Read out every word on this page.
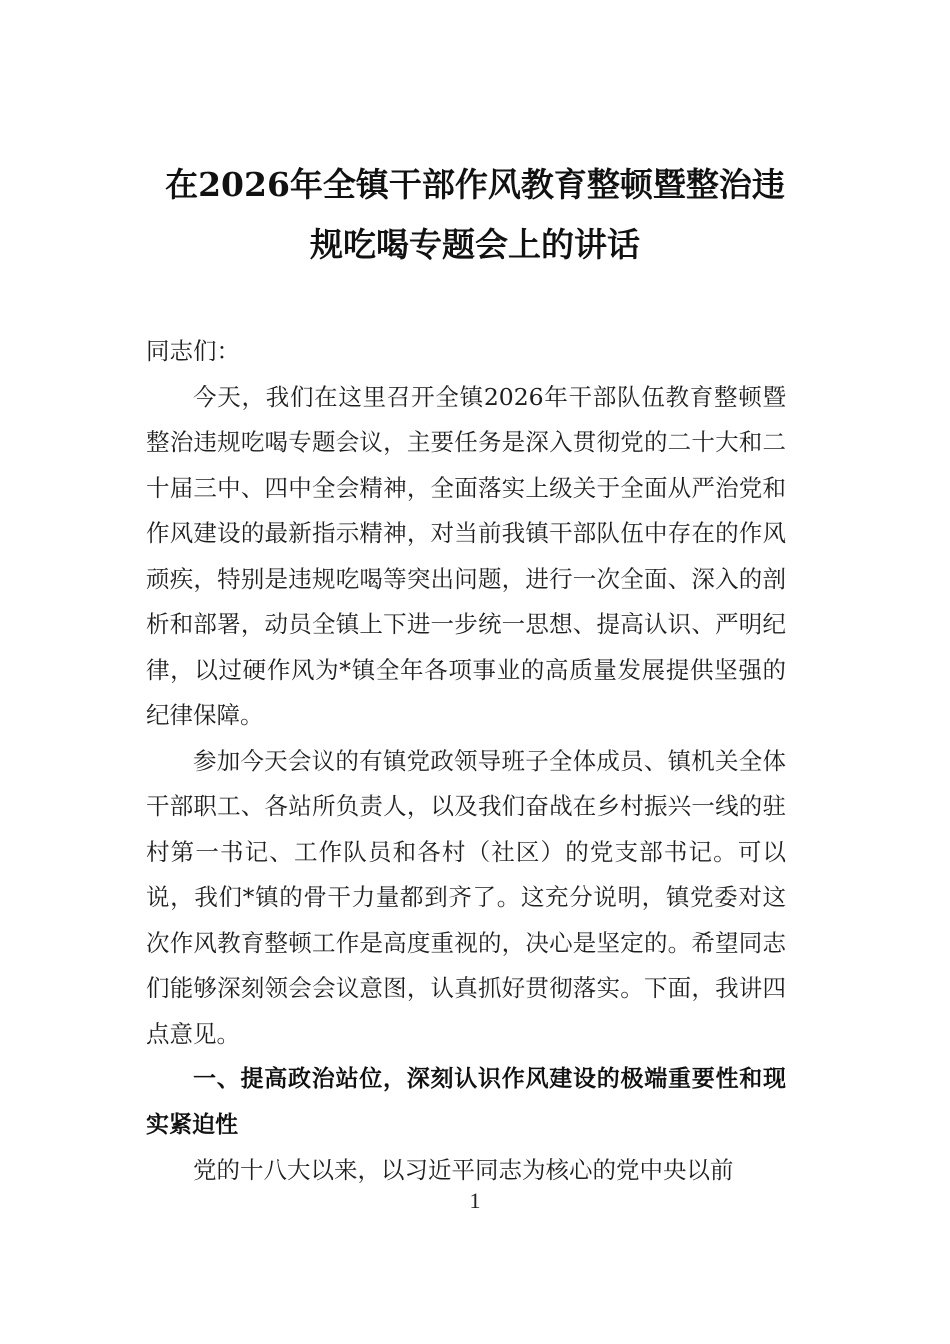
在2026年全镇干部作风教育整顿暨整治违
规吃喝专题会上的讲话

同志们：

今天，我们在这里召开全镇2026年干部队伍教育整顿暨整治违规吃喝专题会议，主要任务是深入贯彻党的二十大和二十届三中、四中全会精神，全面落实上级关于全面从严治党和作风建设的最新指示精神，对当前我镇干部队伍中存在的作风顽疾，特别是违规吃喝等突出问题，进行一次全面、深入的剖析和部署，动员全镇上下进一步统一思想、提高认识、严明纪律，以过硬作风为*镇全年各项事业的高质量发展提供坚强的纪律保障。

参加今天会议的有镇党政领导班子全体成员、镇机关全体干部职工、各站所负责人，以及我们奋战在乡村振兴一线的驻村第一书记、工作队员和各村（社区）的党支部书记。可以说，我们*镇的骨干力量都到齐了。这充分说明，镇党委对这次作风教育整顿工作是高度重视的，决心是坚定的。希望同志们能够深刻领会会议意图，认真抓好贯彻落实。下面，我讲四点意见。

一、提高政治站位，深刻认识作风建设的极端重要性和现实紧迫性

党的十八大以来，以习近平同志为核心的党中央以前

1
